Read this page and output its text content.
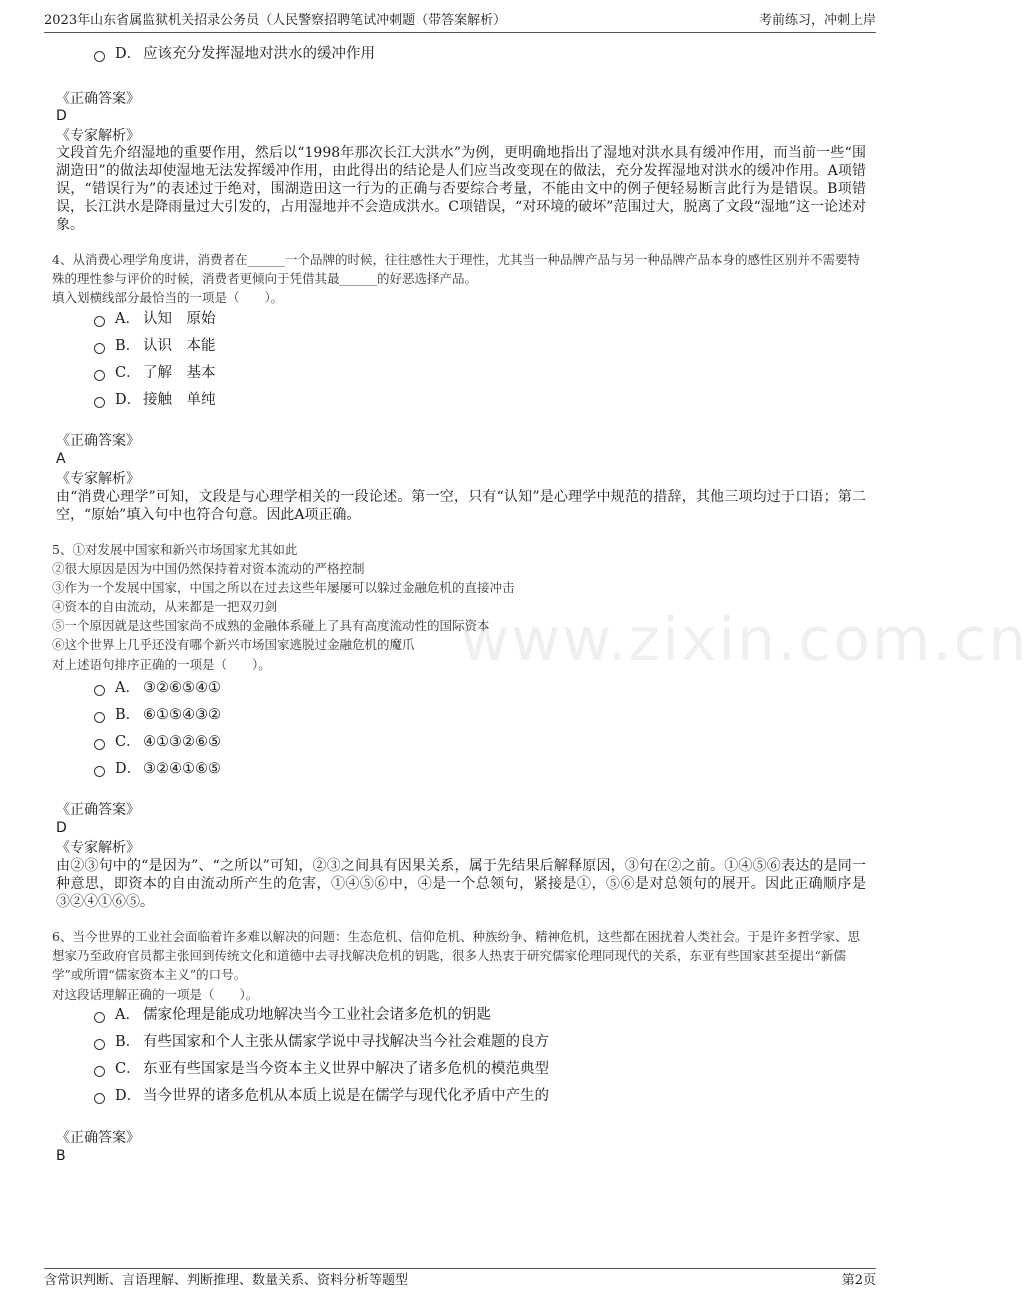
2023年山东省属监狱机关招录公务员（人民警察招聘笔试冲刺题（带答案解析）	考前练习，冲刺上岸
www.zixin.com.cn
D． 应该充分发挥湿地对洪水的缓冲作用
《正确答案》
D
《专家解析》
文段首先介绍湿地的重要作用，然后以“1998年那次长江大洪水”为例，更明确地指出了湿地对洪水具有缓冲作用，而当前一些“围湖造田”的做法却使湿地无法发挥缓冲作用，由此得出的结论是人们应当改变现在的做法，充分发挥湿地对洪水的缓冲作用。A项错误，“错误行为”的表述过于绝对，围湖造田这一行为的正确与否要综合考量，不能由文中的例子便轻易断言此行为是错误。B项错误，长江洪水是降雨量过大引发的，占用湿地并不会造成洪水。C项错误，“对环境的破坏”范围过大，脱离了文段“湿地”这一论述对象。
4、从消费心理学角度讲，消费者在______一个品牌的时候，往往感性大于理性，尤其当一种品牌产品与另一种品牌产品本身的感性区别并不需要特殊的理性参与评价的时候，消费者更倾向于凭借其最______的好恶选择产品。
填入划横线部分最恰当的一项是（　　）。
A． 认知　原始
B． 认识　本能
C． 了解　基本
D． 接触　单纯
《正确答案》
A
《专家解析》
由“消费心理学”可知，文段是与心理学相关的一段论述。第一空，只有“认知”是心理学中规范的措辞，其他三项均过于口语；第二空，“原始”填入句中也符合句意。因此A项正确。
5、①对发展中国家和新兴市场国家尤其如此
②很大原因是因为中国仍然保持着对资本流动的严格控制
③作为一个发展中国家，中国之所以在过去这些年屡屡可以躲过金融危机的直接冲击
④资本的自由流动，从来都是一把双刃剑
⑤一个原因就是这些国家尚不成熟的金融体系碰上了具有高度流动性的国际资本
⑥这个世界上几乎还没有哪个新兴市场国家逃脱过金融危机的魔爪
对上述语句排序正确的一项是（　　）。
A． ③②⑥⑤④①
B． ⑥①⑤④③②
C． ④①③②⑥⑤
D． ③②④①⑥⑤
《正确答案》
D
《专家解析》
由②③句中的“是因为”、“之所以”可知，②③之间具有因果关系，属于先结果后解释原因，③句在②之前。①④⑤⑥表达的是同一种意思，即资本的自由流动所产生的危害，①④⑤⑥中，④是一个总领句，紧接是①，⑤⑥是对总领句的展开。因此正确顺序是③②④①⑥⑤。
6、当今世界的工业社会面临着许多难以解决的问题：生态危机、信仰危机、种族纷争、精神危机，这些都在困扰着人类社会。于是许多哲学家、思想家乃至政府官员都主张回到传统文化和道德中去寻找解决危机的钥匙，很多人热衷于研究儒家伦理同现代的关系，东亚有些国家甚至提出“新儒学”或所谓“儒家资本主义”的口号。
对这段话理解正确的一项是（　　）。
A． 儒家伦理是能成功地解决当今工业社会诸多危机的钥匙
B． 有些国家和个人主张从儒家学说中寻找解决当今社会难题的良方
C． 东亚有些国家是当今资本主义世界中解决了诸多危机的模范典型
D． 当今世界的诸多危机从本质上说是在儒学与现代化矛盾中产生的
《正确答案》
B
含常识判断、言语理解、判断推理、数量关系、资料分析等题型	第2页
